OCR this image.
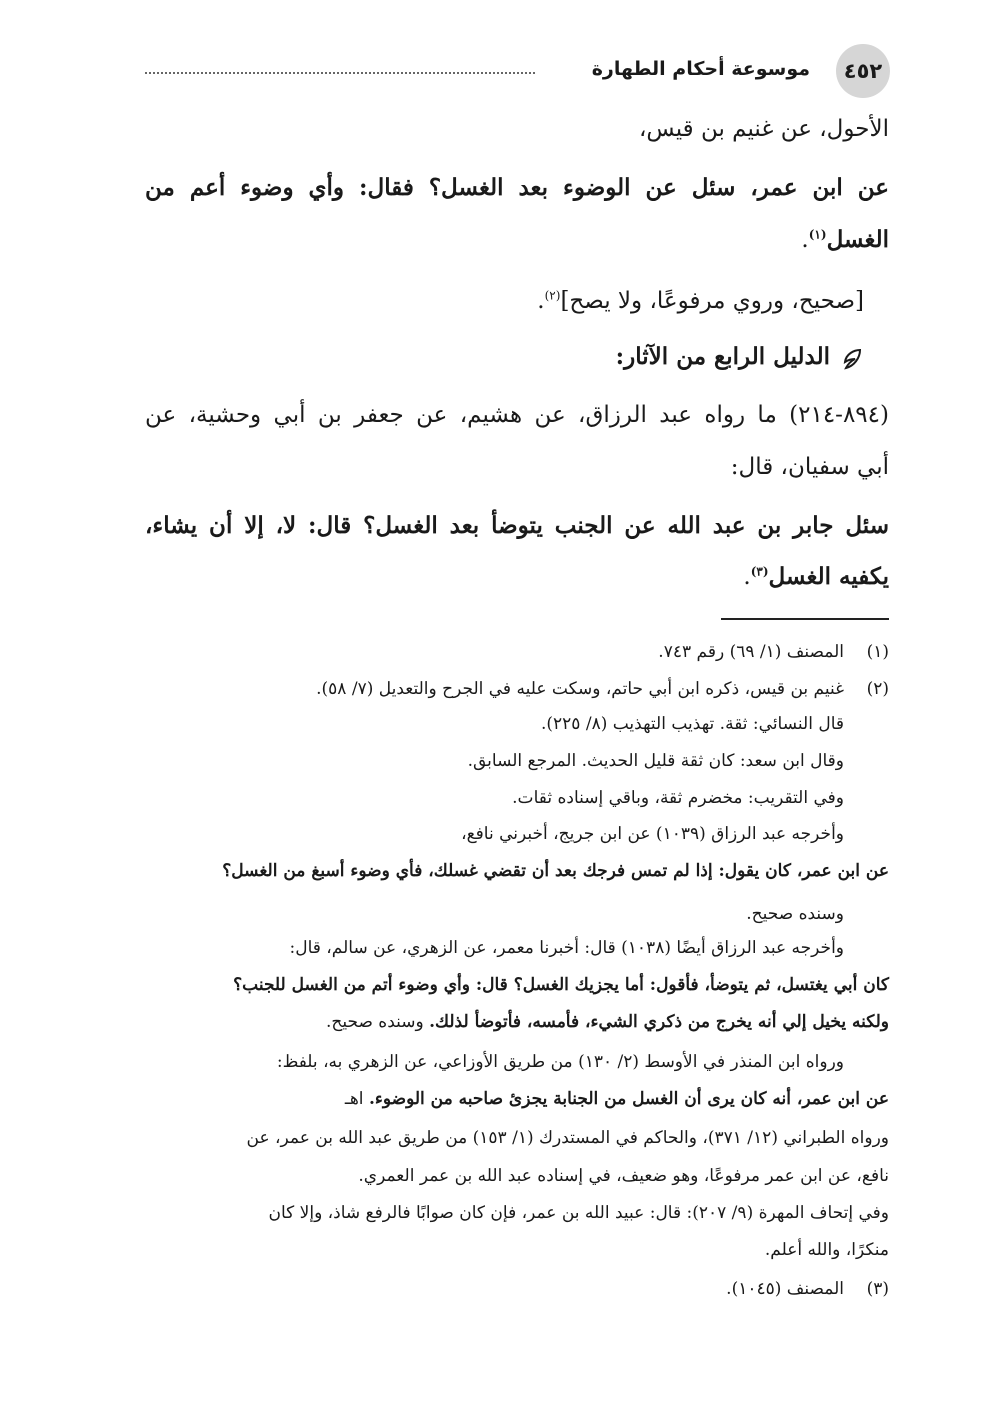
٤٥٢
موسوعة أحكام الطهارة
الأحول، عن غنيم بن قيس،
عن ابن عمر، سئل عن الوضوء بعد الغسل؟ فقال: وأي وضوء أعم من
الغسل$^{(١)}$.
[صحيح، وروي مرفوعًا، ولا يصح]$^{(٢)}$.
الدليل الرابع من الآثار:
(٨٩٤-٢١٤) ما رواه عبد الرزاق، عن هشيم، عن جعفر بن أبي وحشية، عن
أبي سفيان، قال:
سئل جابر بن عبد الله عن الجنب يتوضأ بعد الغسل؟ قال: لا، إلا أن يشاء،
يكفيه الغسل$^{(٣)}$.
(١)
المصنف (١/ ٦٩) رقم ٧٤٣.
(٢)
غنيم بن قيس، ذكره ابن أبي حاتم، وسكت عليه في الجرح والتعديل (٧/ ٥٨).
قال النسائي: ثقة. تهذيب التهذيب (٨/ ٢٢٥).
وقال ابن سعد: كان ثقة قليل الحديث. المرجع السابق.
وفي التقريب: مخضرم ثقة، وباقي إسناده ثقات.
وأخرجه عبد الرزاق (١٠٣٩) عن ابن جريج، أخبرني نافع،
عن ابن عمر، كان يقول: إذا لم تمس فرجك بعد أن تقضي غسلك، فأي وضوء أسبغ من الغسل؟
وسنده صحيح.
وأخرجه عبد الرزاق أيضًا (١٠٣٨) قال: أخبرنا معمر، عن الزهري، عن سالم، قال:
كان أبي يغتسل، ثم يتوضأ، فأقول: أما يجزيك الغسل؟ قال: وأي وضوء أتم من الغسل للجنب؟
ولكنه يخيل إلي أنه يخرج من ذكري الشيء، فأمسه، فأتوضأ لذلك. وسنده صحيح.
ورواه ابن المنذر في الأوسط (٢/ ١٣٠) من طريق الأوزاعي، عن الزهري به، بلفظ:
عن ابن عمر، أنه كان يرى أن الغسل من الجنابة يجزئ صاحبه من الوضوء. اهـ
ورواه الطبراني (١٢/ ٣٧١)، والحاكم في المستدرك (١/ ١٥٣) من طريق عبد الله بن عمر، عن
نافع، عن ابن عمر مرفوعًا، وهو ضعيف، في إسناده عبد الله بن عمر العمري.
وفي إتحاف المهرة (٩/ ٢٠٧): قال: عبيد الله بن عمر، فإن كان صوابًا فالرفع شاذ، وإلا كان
منكرًا، والله أعلم.
(٣)
المصنف (١٠٤٥).
